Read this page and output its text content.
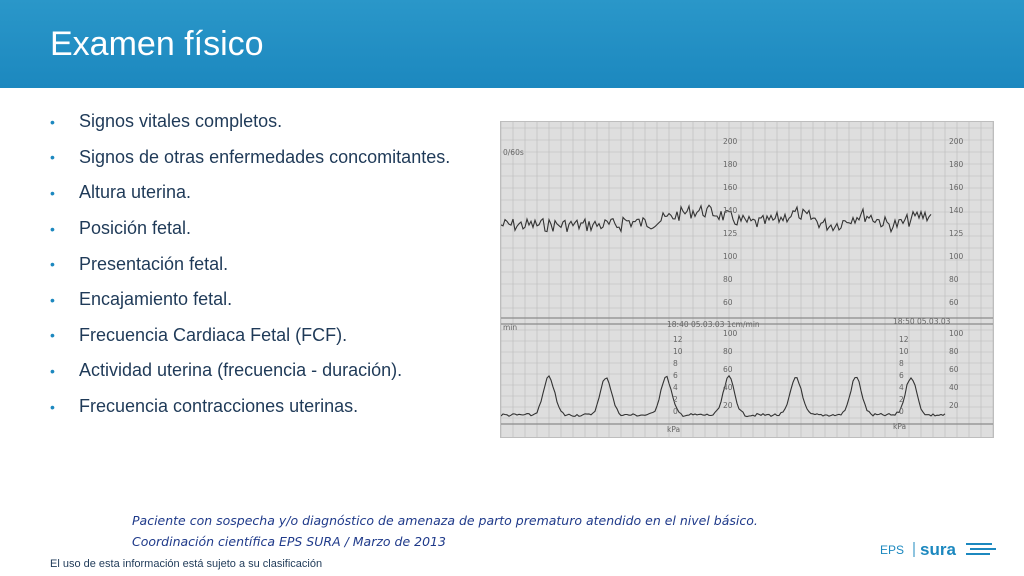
Examen físico
•	Signos vitales completos.
•	Signos de otras enfermedades concomitantes.
•	Altura uterina.
•	Posición fetal.
•	Presentación fetal.
•	Encajamiento fetal.
•	Frecuencia Cardiaca Fetal (FCF).
•	Actividad uterina (frecuencia - duración).
•	Frecuencia contracciones uterinas.
200	200
180	180
160	160
140	140
125	125
100	100
80	80
60	60
100	100
80	80
60	60
40	40
20	20
12	12
10	10
8	8
6	6
4	4
2	2
0	0
18:40 05.03.03 1cm/min	18:50 05.03.03
kPa	kPa
0/60s
min
Paciente con sospecha y/o diagnóstico de amenaza de parto prematuro atendido en el nivel básico.
Coordinación científica EPS SURA / Marzo de 2013
El uso de esta información está sujeto a su clasificación
EPS sura
